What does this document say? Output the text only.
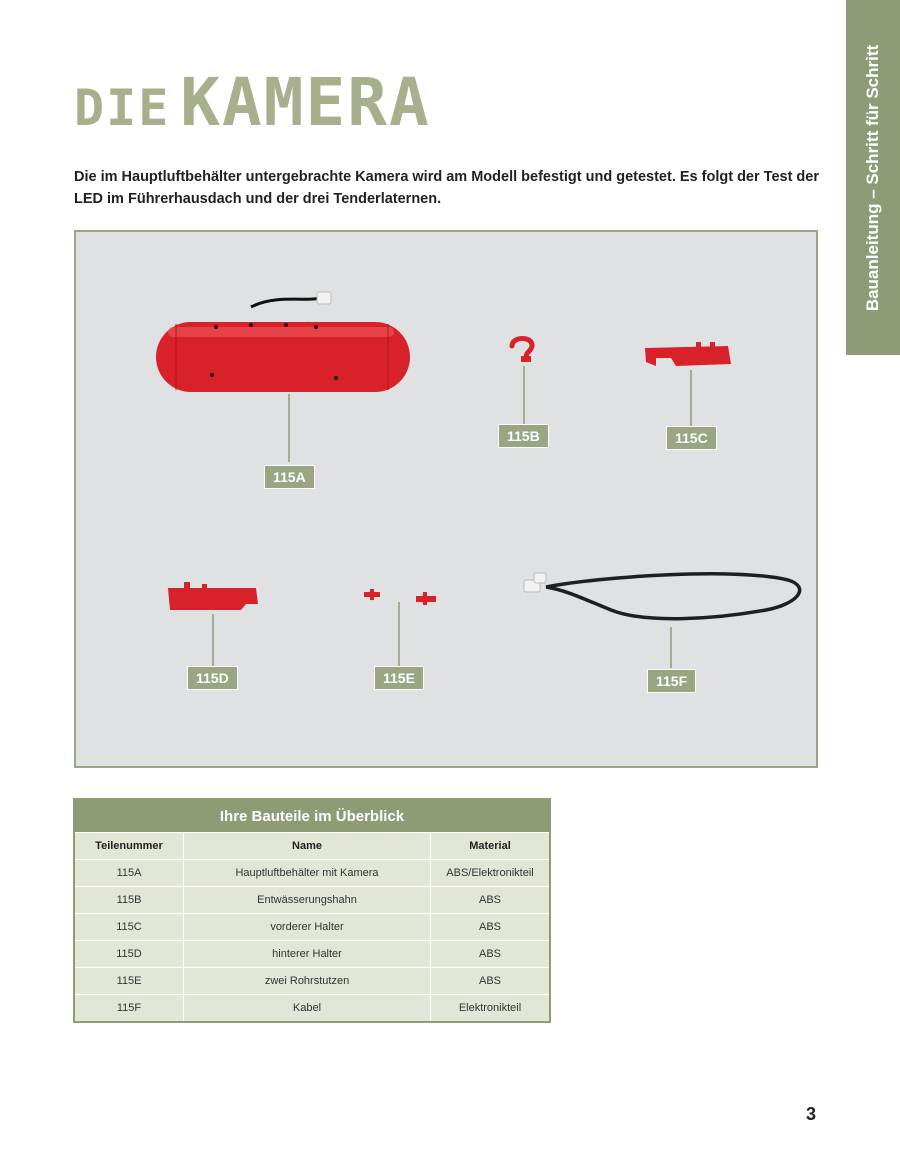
Bauanleitung – Schritt für Schritt
DIE KAMERA

Die im Hauptluftbehälter untergebrachte Kamera wird am Modell befestigt und getestet. Es folgt der Test der LED im Führerhausdach und der drei Tenderlaternen.

115A
115B	115C
115D	115E	115F
Ihre Bauteile im Überblick		
Teilenummer	Name	Material
115A	Hauptluftbehälter mit Kamera	ABS/Elektronikteil
115B	Entwässerungshahn	ABS
115C	vorderer Halter	ABS
115D	hinterer Halter	ABS
115E	zwei Rohrstutzen	ABS
115F	Kabel	Elektronikteil
3
